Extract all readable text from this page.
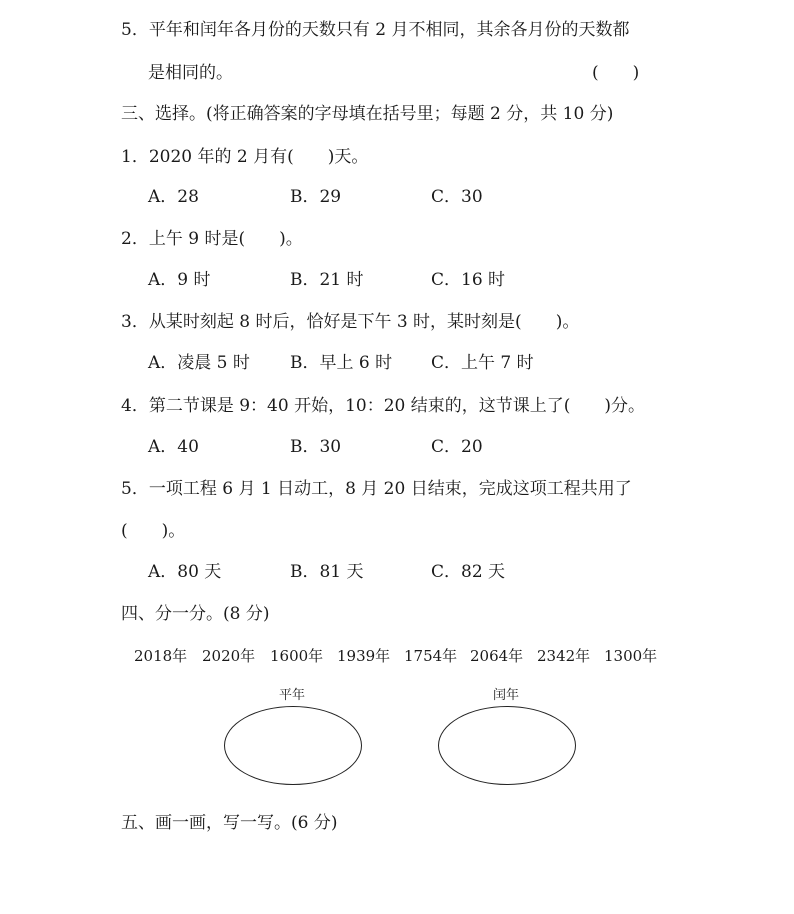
5．平年和闰年各月份的天数只有 2 月不相同，其余各月份的天数都
是相同的。	(　　)
三、选择。(将正确答案的字母填在括号里；每题 2 分，共 10 分)
1．2020 年的 2 月有(　　)天。
A．28	B．29	C．30
2．上午 9 时是(　　)。
A．9 时	B．21 时	C．16 时
3．从某时刻起 8 时后，恰好是下午 3 时，某时刻是(　　)。
A．凌晨 5 时 B．早上 6 时 C．上午 7 时
4．第二节课是 9：40 开始，10：20 结束的，这节课上了(　　)分。
A．40	B．30	C．20
5．一项工程 6 月 1 日动工，8 月 20 日结束，完成这项工程共用了
(　　)。
A．80 天	B．81 天	C．82 天
四、分一分。(8 分)
2018年 2020年 1600年 1939年 1754年 2064年 2342年 1300年
平年	闰年
五、画一画，写一写。(6 分)
